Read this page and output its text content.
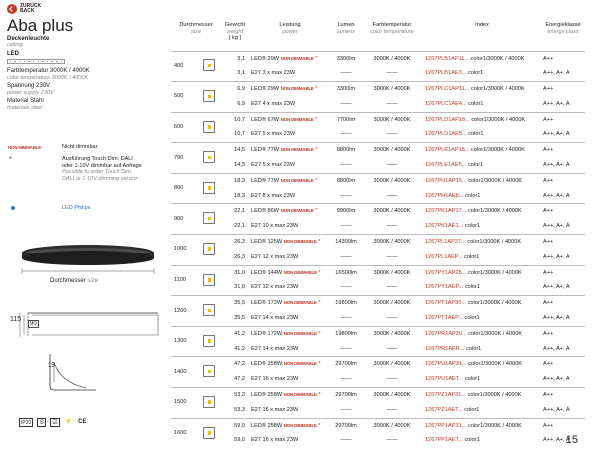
ZURÜCK
BACK
Aba plus
Deckenleuchte
ceiling
LED
Farbtemperatur 3000K / 4000K
color temperature 3000K / 4000K
Spannung 230V
power supply 230V
Material Stahl
materials steel
NON DIMMABLE	Nicht dimmbar
*	Ausführung Touch Dim, DALI oder 1-10V dimmbar auf Anfrage
Possible to order Touch Dim, DALI or 1-10V dimming version
LED Philips
Durchmesser size
115
90
15
IP20	S	☑	⚡ CE
Durchmesser
size		Gewicht
weight
[ kg ]	Leistung
power	Lumen
lumens	Farbtemperatur
color temperature	Index	Energieklasse
energy class

400		3,1	LED® 29W NON DIMMABLE *	3300lm	3000K / 4000K	1267PLB1AP11... color1/3000K / 4000K	A++
		3,1	E27 3 x max 23W	——	——	1267PLB1AE3... color1	A++, A+, A
500		6,9	LED® 29W NON DIMMABLE *	3300lm	3000K / 4000K	1267PLC1AP11... color1/3000K / 4000K	A++
		6,9	E27 4 x max 23W	——	——	1267PLC1AE4... color1	A++, A+, A
600		10,7	LED® 67W NON DIMMABLE *	7700lm	3000K / 4000K	1267PLD1AP18... color1/3000K / 4000K	A++
		10,7	E27 5 x max 23W	——	——	1267PLD1AE5... color1	A++, A+, A
700		14,5	LED® 77W NON DIMMABLE *	8800lm	3000K / 4000K	1267PLE1AP15... color1/3000K / 4000K	A++
		14,5	E27 5 x max 23W	——	——	1267PLE1AE5... color1	A++, A+, A
800		18,3	LED® 77W NON DIMMABLE *	8800lm	3000K / 4000K	1267PH1AP15... color1/3000K / 4000K	A++
		18,3	E27 8 x max 23W	——	——	1267PH1AE8... color1	A++, A+, A
900		22,1	LED® 86W NON DIMMABLE *	9900lm	3000K / 4000K	1267PK1AP17... color1/3000K / 4000K	A++
		22,1	E27 10 x max 23W	——	——	1267PK1AE1... color1	A++, A+, A
1000		26,3	LED® 125W NON DIMMABLE *	14300lm	3000K / 4000K	1267PL1AP27... color1/3000K / 4000K	A++
		26,3	E27 12 x max 23W	——	——	1267PL1AEP... color1	A++, A+, A
1100		31,0	LED® 144W NON DIMMABLE *	16500lm	3000K / 4000K	1267PY1AP28... color1/3000K / 4000K	A++
		31,0	E27 12 x max 23W	——	——	1267PY1AEP... color1	A++, A+, A
1200		35,5	LED® 172W NON DIMMABLE *	19800lm	3000K / 4000K	1267PT1AP30... color1/3000K / 4000K	A++
		35,5	E27 14 x max 23W	——	——	1267PT1AEP... color1	A++, A+, A
1300		41,2	LED® 172W NON DIMMABLE *	19800lm	3000K / 4000K	1267PR1AP30... color1/3000K / 4000K	A++
		41,2	E27 14 x max 23W	——	——	1267PR1AER... color1	A++, A+, A
1400		47,2	LED® 258W NON DIMMABLE *	29700lm	3000K / 4000K	1267PU1AP31... color1/3000K / 4000K	A++
		47,2	E27 16 x max 23W	——	——	1267PU1AET... color1	A++, A+, A
1500		53,3	LED® 258W NON DIMMABLE *	29700lm	3000K / 4000K	1267PZ1AP31... color1/3000K / 4000K	A++
		53,3	E27 16 x max 23W	——	——	1267PZ1AET... color1	A++, A+, A
1600		59,0	LED® 258W NON DIMMABLE *	29700lm	3000K / 4000K	1267PP1AP31... color1/3000K / 4000K	A++
		59,0	E27 16 x max 23W	——	——	1267PP1AET... color1	A++, A+, A
15
